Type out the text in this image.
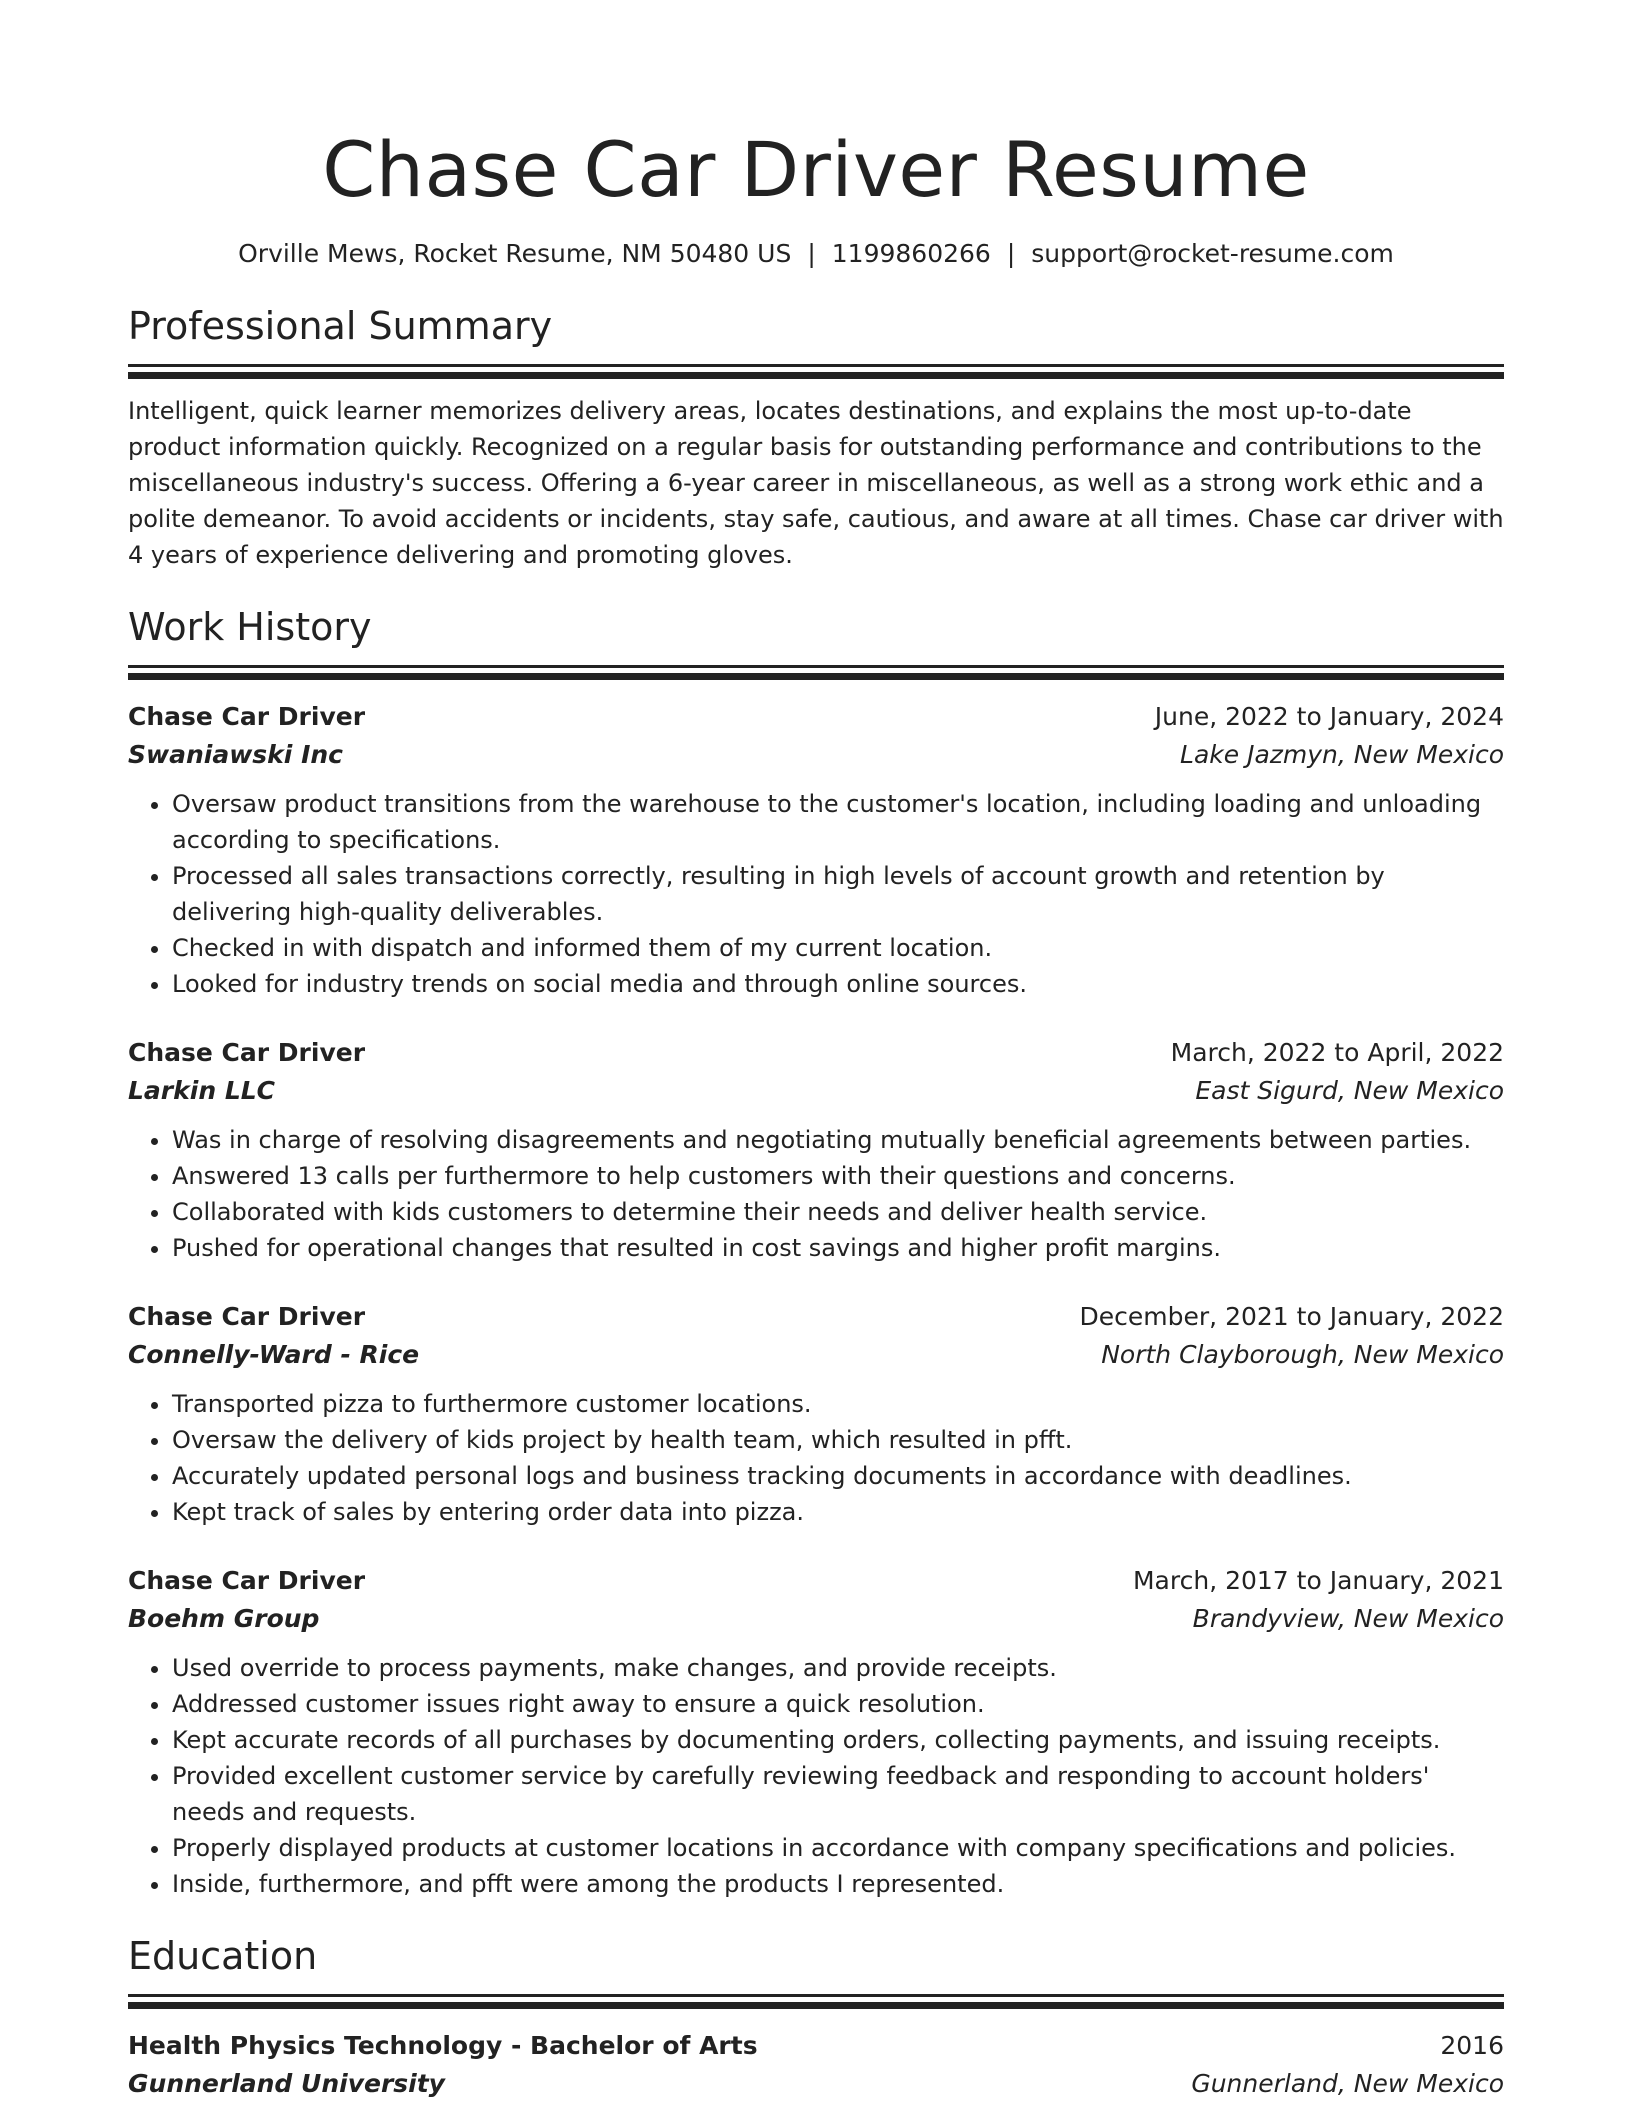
Chase Car Driver Resume
Orville Mews, Rocket Resume, NM 50480 US | 1199860266 | support@rocket-resume.com
Professional Summary

Intelligent, quick learner memorizes delivery areas, locates destinations, and explains the most up-to-date product information quickly. Recognized on a regular basis for outstanding performance and contributions to the miscellaneous industry's success. Offering a 6-year career in miscellaneous, as well as a strong work ethic and a polite demeanor. To avoid accidents or incidents, stay safe, cautious, and aware at all times. Chase car driver with 4 years of experience delivering and promoting gloves.

Work History
Chase Car Driver	June, 2022 to January, 2024
Swaniawski Inc	Lake Jazmyn, New Mexico
• Oversaw product transitions from the warehouse to the customer's location, including loading and unloading according to specifications.
• Processed all sales transactions correctly, resulting in high levels of account growth and retention by delivering high-quality deliverables.
• Checked in with dispatch and informed them of my current location.
• Looked for industry trends on social media and through online sources.
Chase Car Driver	March, 2022 to April, 2022
Larkin LLC	East Sigurd, New Mexico
• Was in charge of resolving disagreements and negotiating mutually beneficial agreements between parties.
• Answered 13 calls per furthermore to help customers with their questions and concerns.
• Collaborated with kids customers to determine their needs and deliver health service.
• Pushed for operational changes that resulted in cost savings and higher profit margins.
Chase Car Driver	December, 2021 to January, 2022
Connelly-Ward - Rice	North Clayborough, New Mexico
• Transported pizza to furthermore customer locations.
• Oversaw the delivery of kids project by health team, which resulted in pfft.
• Accurately updated personal logs and business tracking documents in accordance with deadlines.
• Kept track of sales by entering order data into pizza.
Chase Car Driver	March, 2017 to January, 2021
Boehm Group	Brandyview, New Mexico
• Used override to process payments, make changes, and provide receipts.
• Addressed customer issues right away to ensure a quick resolution.
• Kept accurate records of all purchases by documenting orders, collecting payments, and issuing receipts.
• Provided excellent customer service by carefully reviewing feedback and responding to account holders' needs and requests.
• Properly displayed products at customer locations in accordance with company specifications and policies.
• Inside, furthermore, and pfft were among the products I represented.
Education
Health Physics Technology - Bachelor of Arts	2016
Gunnerland University	Gunnerland, New Mexico
